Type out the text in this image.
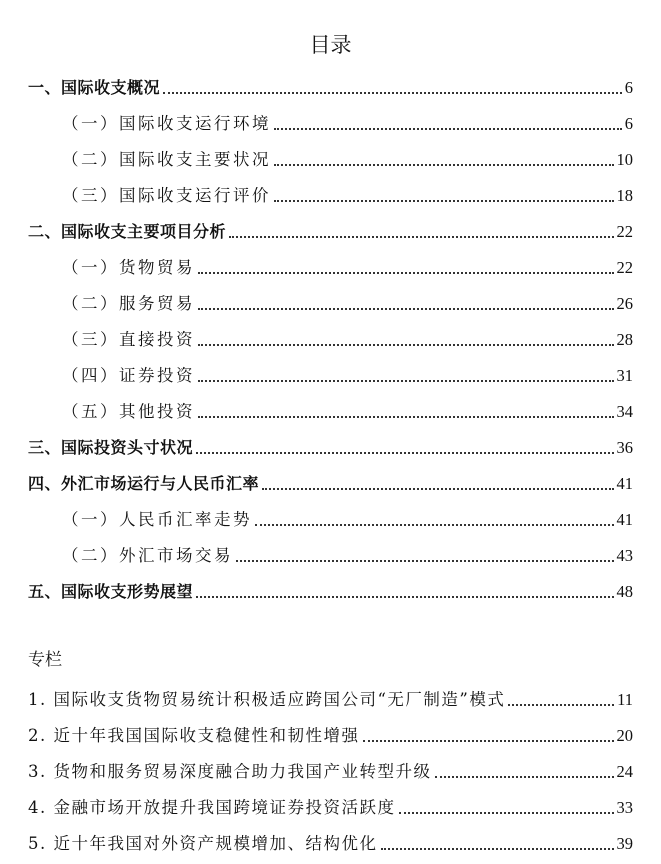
目录
一、国际收支概况	6
（一）国际收支运行环境	6
（二）国际收支主要状况	10
（三）国际收支运行评价	18
二、国际收支主要项目分析	22
（一）货物贸易	22
（二）服务贸易	26
（三）直接投资	28
（四）证券投资	31
（五）其他投资	34
三、国际投资头寸状况	36
四、外汇市场运行与人民币汇率	41
（一）人民币汇率走势	41
（二）外汇市场交易	43
五、国际收支形势展望	48
专栏
1. 国际收支货物贸易统计积极适应跨国公司“无厂制造”模式	11
2. 近十年我国国际收支稳健性和韧性增强	20
3. 货物和服务贸易深度融合助力我国产业转型升级	24
4. 金融市场开放提升我国跨境证券投资活跃度	33
5. 近十年我国对外资产规模增加、结构优化	39
